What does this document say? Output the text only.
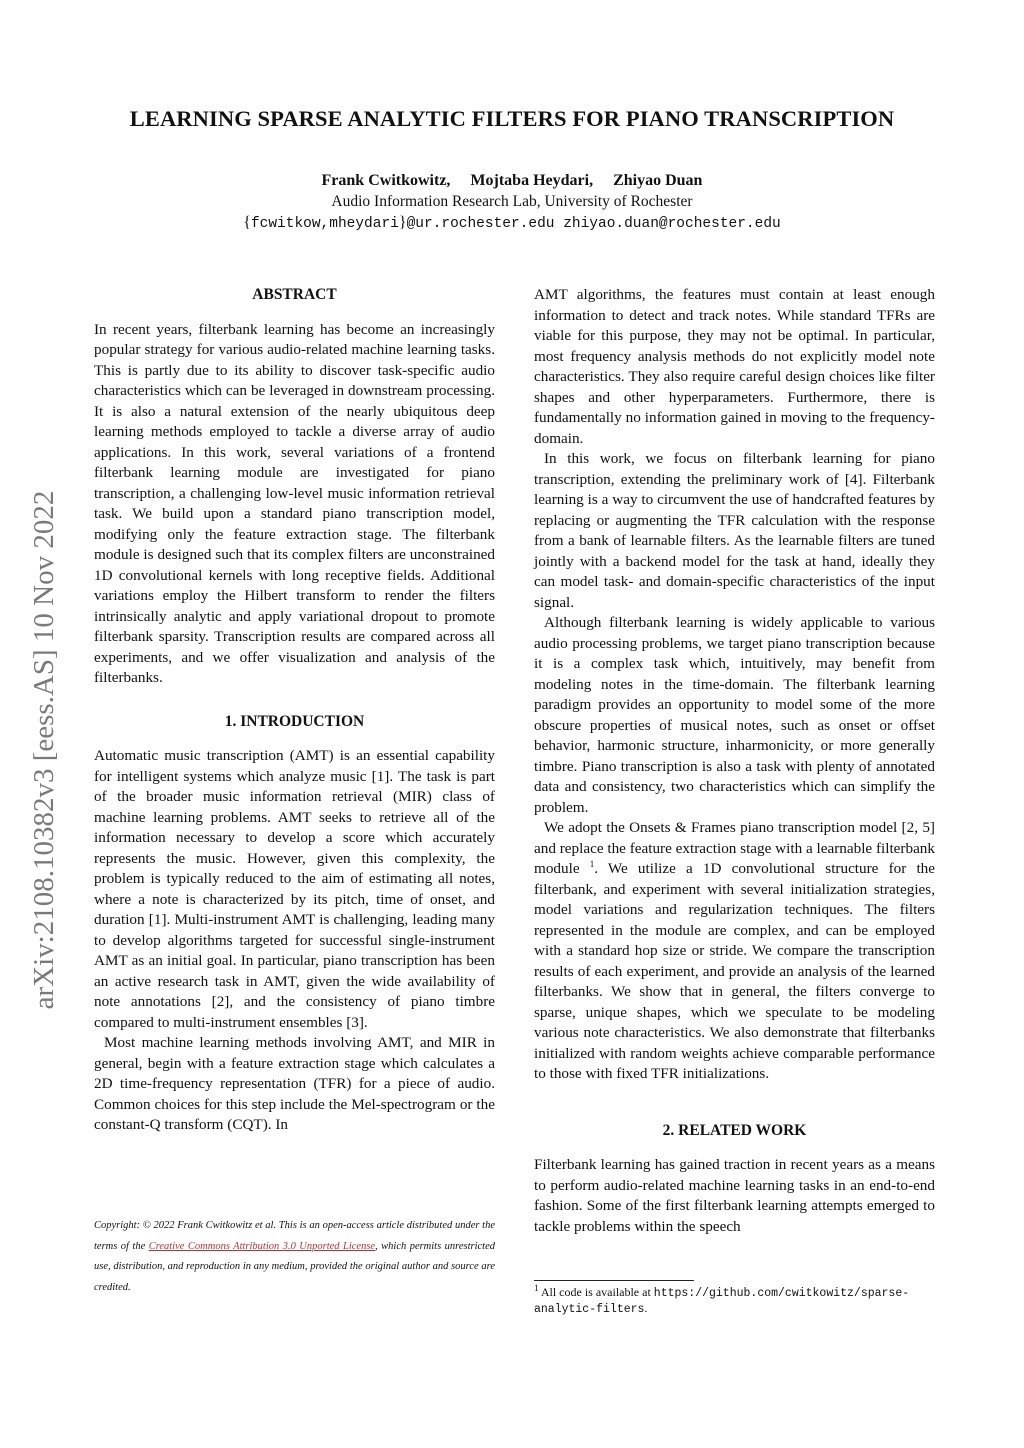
LEARNING SPARSE ANALYTIC FILTERS FOR PIANO TRANSCRIPTION
Frank Cwitkowitz, Mojtaba Heydari, Zhiyao Duan
Audio Information Research Lab, University of Rochester
{fcwitkow,mheydari}@ur.rochester.edu zhiyao.duan@rochester.edu
arXiv:2108.10382v3 [eess.AS] 10 Nov 2022
ABSTRACT

In recent years, filterbank learning has become an increasingly popular strategy for various audio-related machine learning tasks. This is partly due to its ability to discover task-specific audio characteristics which can be leveraged in downstream processing. It is also a natural extension of the nearly ubiquitous deep learning methods employed to tackle a diverse array of audio applications. In this work, several variations of a frontend filterbank learning module are investigated for piano transcription, a challenging low-level music information retrieval task. We build upon a standard piano transcription model, modifying only the feature extraction stage. The filterbank module is designed such that its complex filters are unconstrained 1D convolutional kernels with long receptive fields. Additional variations employ the Hilbert transform to render the filters intrinsically analytic and apply variational dropout to promote filterbank sparsity. Transcription results are compared across all experiments, and we offer visualization and analysis of the filterbanks.

1. INTRODUCTION

Automatic music transcription (AMT) is an essential capability for intelligent systems which analyze music [1]. The task is part of the broader music information retrieval (MIR) class of machine learning problems. AMT seeks to retrieve all of the information necessary to develop a score which accurately represents the music. However, given this complexity, the problem is typically reduced to the aim of estimating all notes, where a note is characterized by its pitch, time of onset, and duration [1]. Multi-instrument AMT is challenging, leading many to develop algorithms targeted for successful single-instrument AMT as an initial goal. In particular, piano transcription has been an active research task in AMT, given the wide availability of note annotations [2], and the consistency of piano timbre compared to multi-instrument ensembles [3].

Most machine learning methods involving AMT, and MIR in general, begin with a feature extraction stage which calculates a 2D time-frequency representation (TFR) for a piece of audio. Common choices for this step include the Mel-spectrogram or the constant-Q transform (CQT). In

Copyright: © 2022 Frank Cwitkowitz et al. This is an open-access article distributed under the terms of the Creative Commons Attribution 3.0 Unported License, which permits unrestricted use, distribution, and reproduction in any medium, provided the original author and source are credited.

AMT algorithms, the features must contain at least enough information to detect and track notes. While standard TFRs are viable for this purpose, they may not be optimal. In particular, most frequency analysis methods do not explicitly model note characteristics. They also require careful design choices like filter shapes and other hyperparameters. Furthermore, there is fundamentally no information gained in moving to the frequency-domain.

In this work, we focus on filterbank learning for piano transcription, extending the preliminary work of [4]. Filterbank learning is a way to circumvent the use of handcrafted features by replacing or augmenting the TFR calculation with the response from a bank of learnable filters. As the learnable filters are tuned jointly with a backend model for the task at hand, ideally they can model task- and domain-specific characteristics of the input signal.

Although filterbank learning is widely applicable to various audio processing problems, we target piano transcription because it is a complex task which, intuitively, may benefit from modeling notes in the time-domain. The filterbank learning paradigm provides an opportunity to model some of the more obscure properties of musical notes, such as onset or offset behavior, harmonic structure, inharmonicity, or more generally timbre. Piano transcription is also a task with plenty of annotated data and consistency, two characteristics which can simplify the problem.

We adopt the Onsets & Frames piano transcription model [2, 5] and replace the feature extraction stage with a learnable filterbank module $^1$. We utilize a 1D convolutional structure for the filterbank, and experiment with several initialization strategies, model variations and regularization techniques. The filters represented in the module are complex, and can be employed with a standard hop size or stride. We compare the transcription results of each experiment, and provide an analysis of the learned filterbanks. We show that in general, the filters converge to sparse, unique shapes, which we speculate to be modeling various note characteristics. We also demonstrate that filterbanks initialized with random weights achieve comparable performance to those with fixed TFR initializations.

2. RELATED WORK

Filterbank learning has gained traction in recent years as a means to perform audio-related machine learning tasks in an end-to-end fashion. Some of the first filterbank learning attempts emerged to tackle problems within the speech

$^1$ All code is available at https://github.com/cwitkowitz/sparse-analytic-filters.
